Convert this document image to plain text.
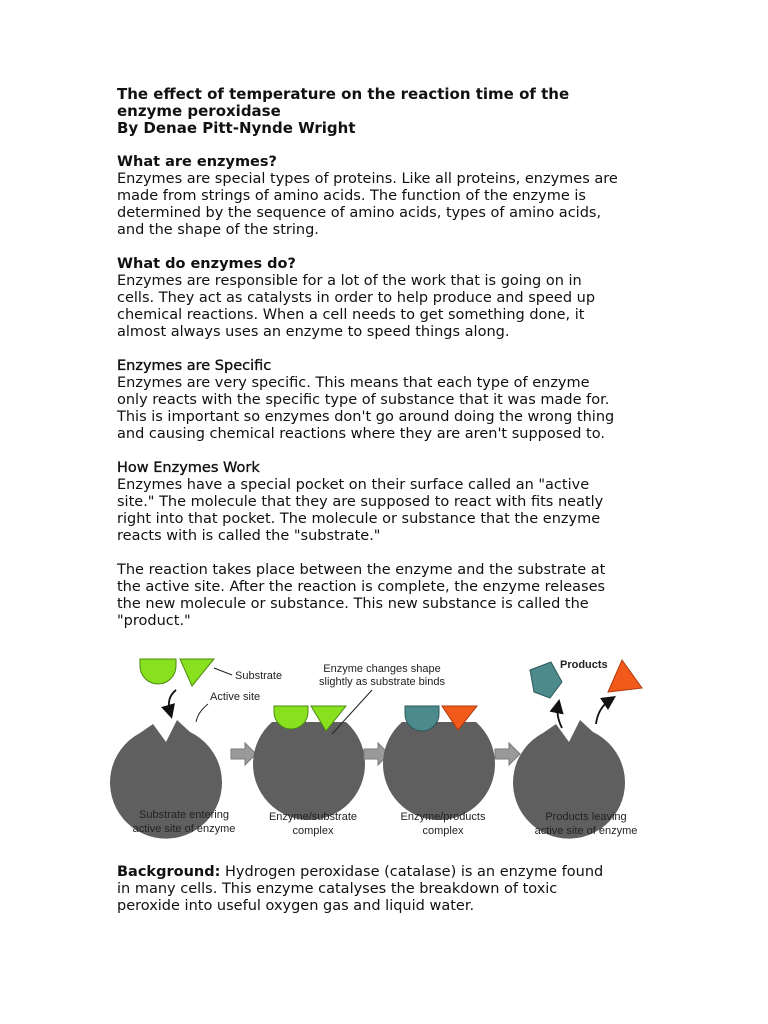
The effect of temperature on the reaction time of the
enzyme peroxidase
By Denae Pitt-Nynde Wright

What are enzymes?

Enzymes are special types of proteins. Like all proteins, enzymes are
made from strings of amino acids. The function of the enzyme is
determined by the sequence of amino acids, types of amino acids,
and the shape of the string.

What do enzymes do?

Enzymes are responsible for a lot of the work that is going on in
cells. They act as catalysts in order to help produce and speed up
chemical reactions. When a cell needs to get something done, it
almost always uses an enzyme to speed things along.

Enzymes are Specific

Enzymes are very specific. This means that each type of enzyme
only reacts with the specific type of substance that it was made for.
This is important so enzymes don't go around doing the wrong thing
and causing chemical reactions where they are aren't supposed to.

How Enzymes Work

Enzymes have a special pocket on their surface called an "active
site." The molecule that they are supposed to react with fits neatly
right into that pocket. The molecule or substance that the enzyme
reacts with is called the "substrate."

The reaction takes place between the enzyme and the substrate at
the active site. After the reaction is complete, the enzyme releases
the new molecule or substance. This new substance is called the
"product."

Substrate
Active site
Enzyme changes shape
slightly as substrate binds
Products
Substrate entering
active site of enzyme
Enzyme/substrate
complex
Enzyme/products
complex
Products leaving
active site of enzyme

Background: Hydrogen peroxidase (catalase) is an enzyme found
in many cells. This enzyme catalyses the breakdown of toxic
peroxide into useful oxygen gas and liquid water.
